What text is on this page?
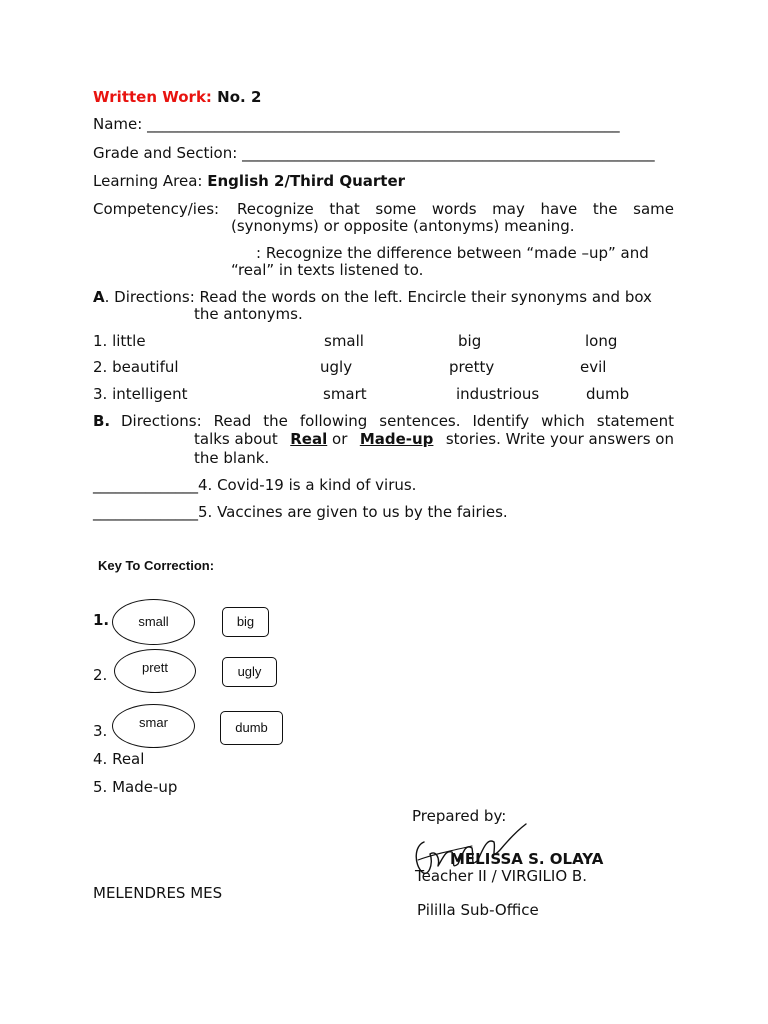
Written Work: No. 2
Name: _______________________________________________________________
Grade and Section: _______________________________________________________
Learning Area: English 2/Third Quarter
Competency/ies: Recognize that some words may have the same
(synonyms) or opposite (antonyms) meaning.
: Recognize the difference between “made –up” and
“real” in texts listened to.
A. Directions: Read the words on the left. Encircle their synonyms and box
the antonyms.
1. little	small	big	long
2. beautiful	ugly	pretty	evil
3. intelligent	smart	industrious	dumb
B. Directions: Read the following sentences. Identify which statement
talks about Real or Made-up stories. Write your answers on
the blank.
______________4. Covid-19 is a kind of virus.
______________5. Vaccines are given to us by the fairies.
Key To Correction:
1.	small	big
2.	prett	ugly
3.	smar	dumb
4. Real
5. Made-up
Prepared by:
MELISSA S. OLAYA
Teacher II / VIRGILIO B.
MELENDRES MES
Pililla Sub-Office
